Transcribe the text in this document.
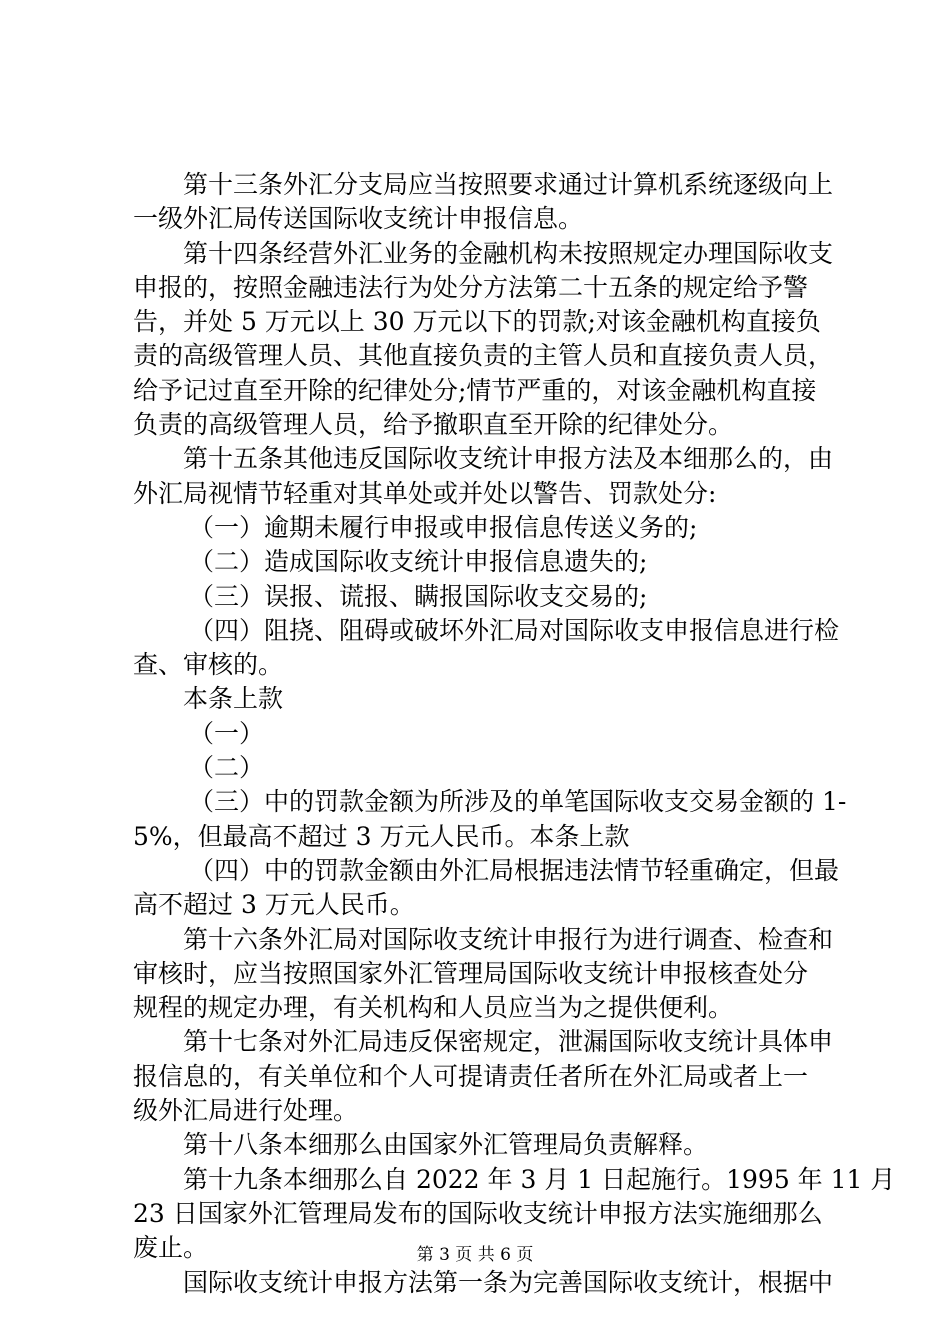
第十三条外汇分支局应当按照要求通过计算机系统逐级向上
一级外汇局传送国际收支统计申报信息。
第十四条经营外汇业务的金融机构未按照规定办理国际收支
申报的，按照金融违法行为处分方法第二十五条的规定给予警
告，并处 5 万元以上 30 万元以下的罚款;对该金融机构直接负
责的高级管理人员、其他直接负责的主管人员和直接负责人员，
给予记过直至开除的纪律处分;情节严重的，对该金融机构直接
负责的高级管理人员，给予撤职直至开除的纪律处分。
第十五条其他违反国际收支统计申报方法及本细那么的，由
外汇局视情节轻重对其单处或并处以警告、罚款处分:
（一）逾期未履行申报或申报信息传送义务的;
（二）造成国际收支统计申报信息遗失的;
（三）误报、谎报、瞒报国际收支交易的;
（四）阻挠、阻碍或破坏外汇局对国际收支申报信息进行检
查、审核的。
本条上款
（一）
（二）
（三）中的罚款金额为所涉及的单笔国际收支交易金额的 1-
5%，但最高不超过 3 万元人民币。本条上款
（四）中的罚款金额由外汇局根据违法情节轻重确定，但最
高不超过 3 万元人民币。
第十六条外汇局对国际收支统计申报行为进行调查、检查和
审核时，应当按照国家外汇管理局国际收支统计申报核查处分
规程的规定办理，有关机构和人员应当为之提供便利。
第十七条对外汇局违反保密规定，泄漏国际收支统计具体申
报信息的，有关单位和个人可提请责任者所在外汇局或者上一
级外汇局进行处理。
第十八条本细那么由国家外汇管理局负责解释。
第十九条本细那么自 2022 年 3 月 1 日起施行。1995 年 11 月
23 日国家外汇管理局发布的国际收支统计申报方法实施细那么
废止。
国际收支统计申报方法第一条为完善国际收支统计，根据中
第 3 页 共 6 页
